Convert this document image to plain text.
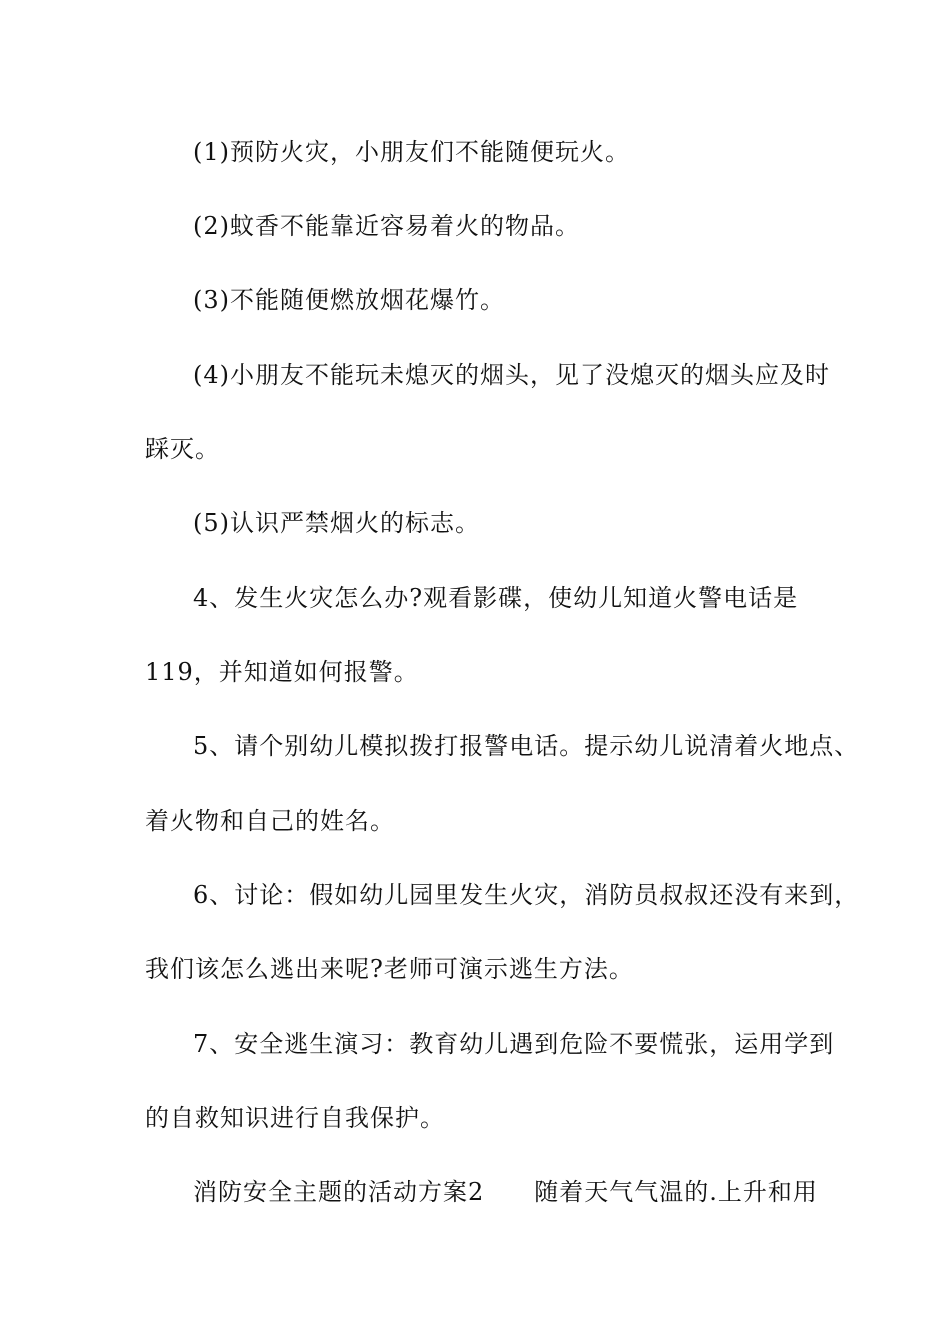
(1)预防火灾，小朋友们不能随便玩火。
(2)蚊香不能靠近容易着火的物品。
(3)不能随便燃放烟花爆竹。
(4)小朋友不能玩未熄灭的烟头，见了没熄灭的烟头应及时
踩灭。
(5)认识严禁烟火的标志。
4、发生火灾怎么办?观看影碟，使幼儿知道火警电话是
119，并知道如何报警。
5、请个别幼儿模拟拨打报警电话。提示幼儿说清着火地点、
着火物和自己的姓名。
6、讨论：假如幼儿园里发生火灾，消防员叔叔还没有来到，
我们该怎么逃出来呢?老师可演示逃生方法。
7、安全逃生演习：教育幼儿遇到危险不要慌张，运用学到
的自救知识进行自我保护。
消防安全主题的活动方案2　　随着天气气温的.上升和用
